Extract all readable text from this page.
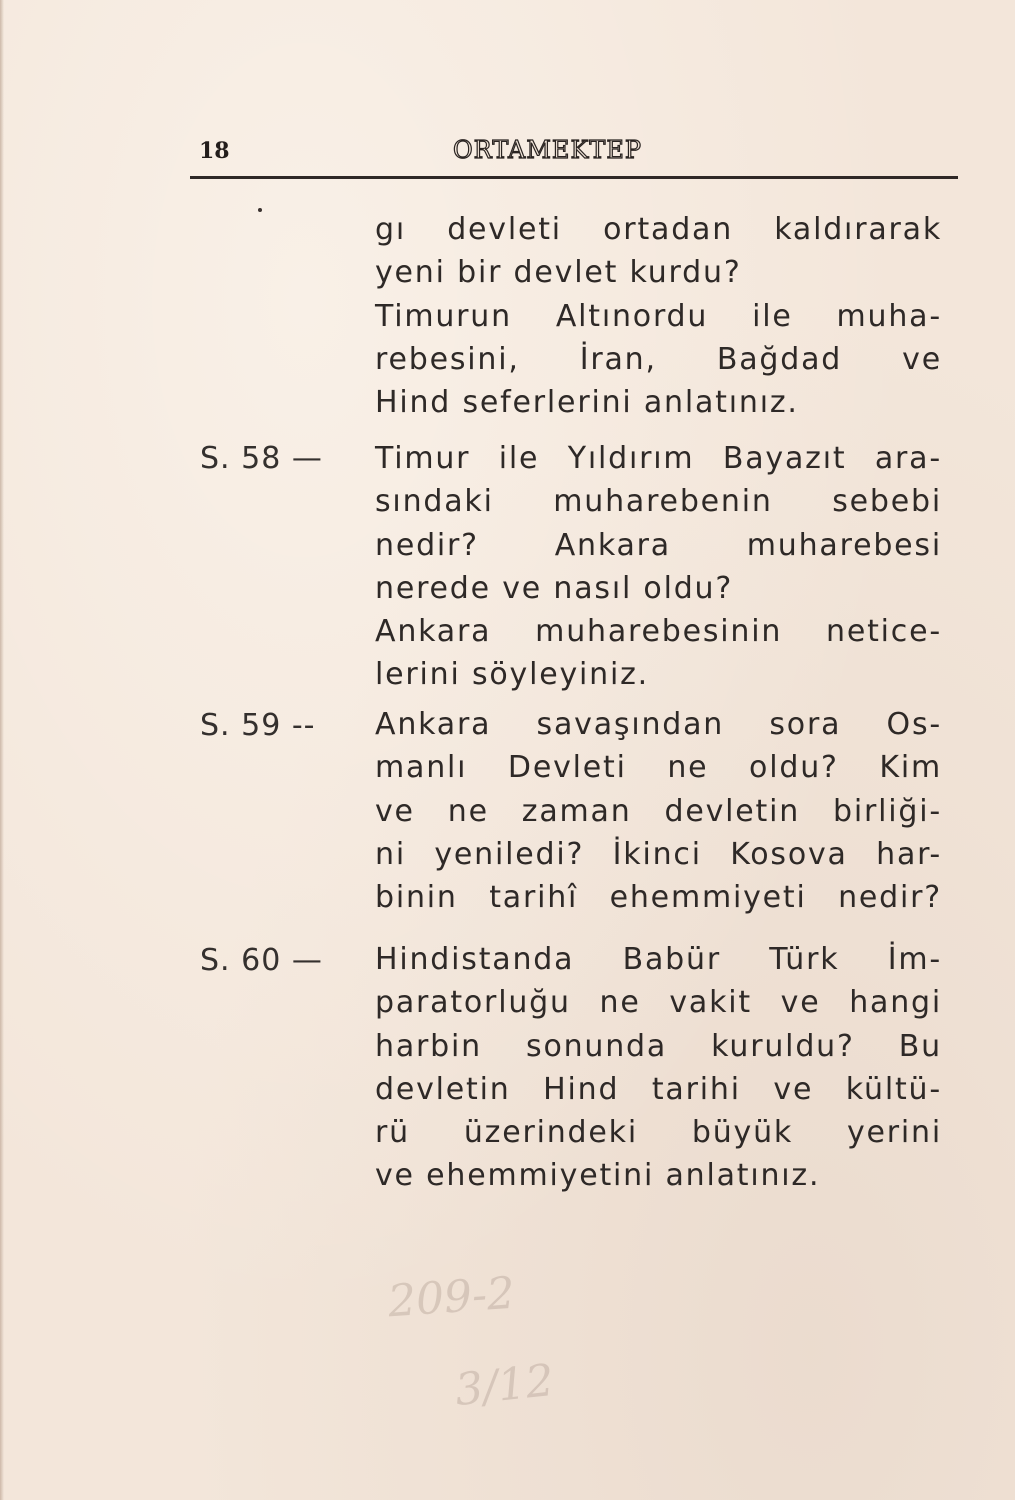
18	ORTAMEKTEP
gı devleti ortadan kaldırarak
yeni bir devlet kurdu?
Timurun Altınordu ile muha-
rebesini, İran, Bağdad ve
Hind seferlerini anlatınız.
S. 58 — Timur ile Yıldırım Bayazıt ara-
sındaki muharebenin sebebi
nedir? Ankara muharebesi
nerede ve nasıl oldu?
Ankara muharebesinin netice-
lerini söyleyiniz.
S. 59 -- Ankara savaşından sora Os-
manlı Devleti ne oldu? Kim
ve ne zaman devletin birliği-
ni yeniledi? İkinci Kosova har-
binin tarihî ehemmiyeti nedir?
S. 60 — Hindistanda Babür Türk İm-
paratorluğu ne vakit ve hangi
harbin sonunda kuruldu? Bu
devletin Hind tarihi ve kültü-
rü üzerindeki büyük yerini
ve ehemmiyetini anlatınız.
209-2
3/12
